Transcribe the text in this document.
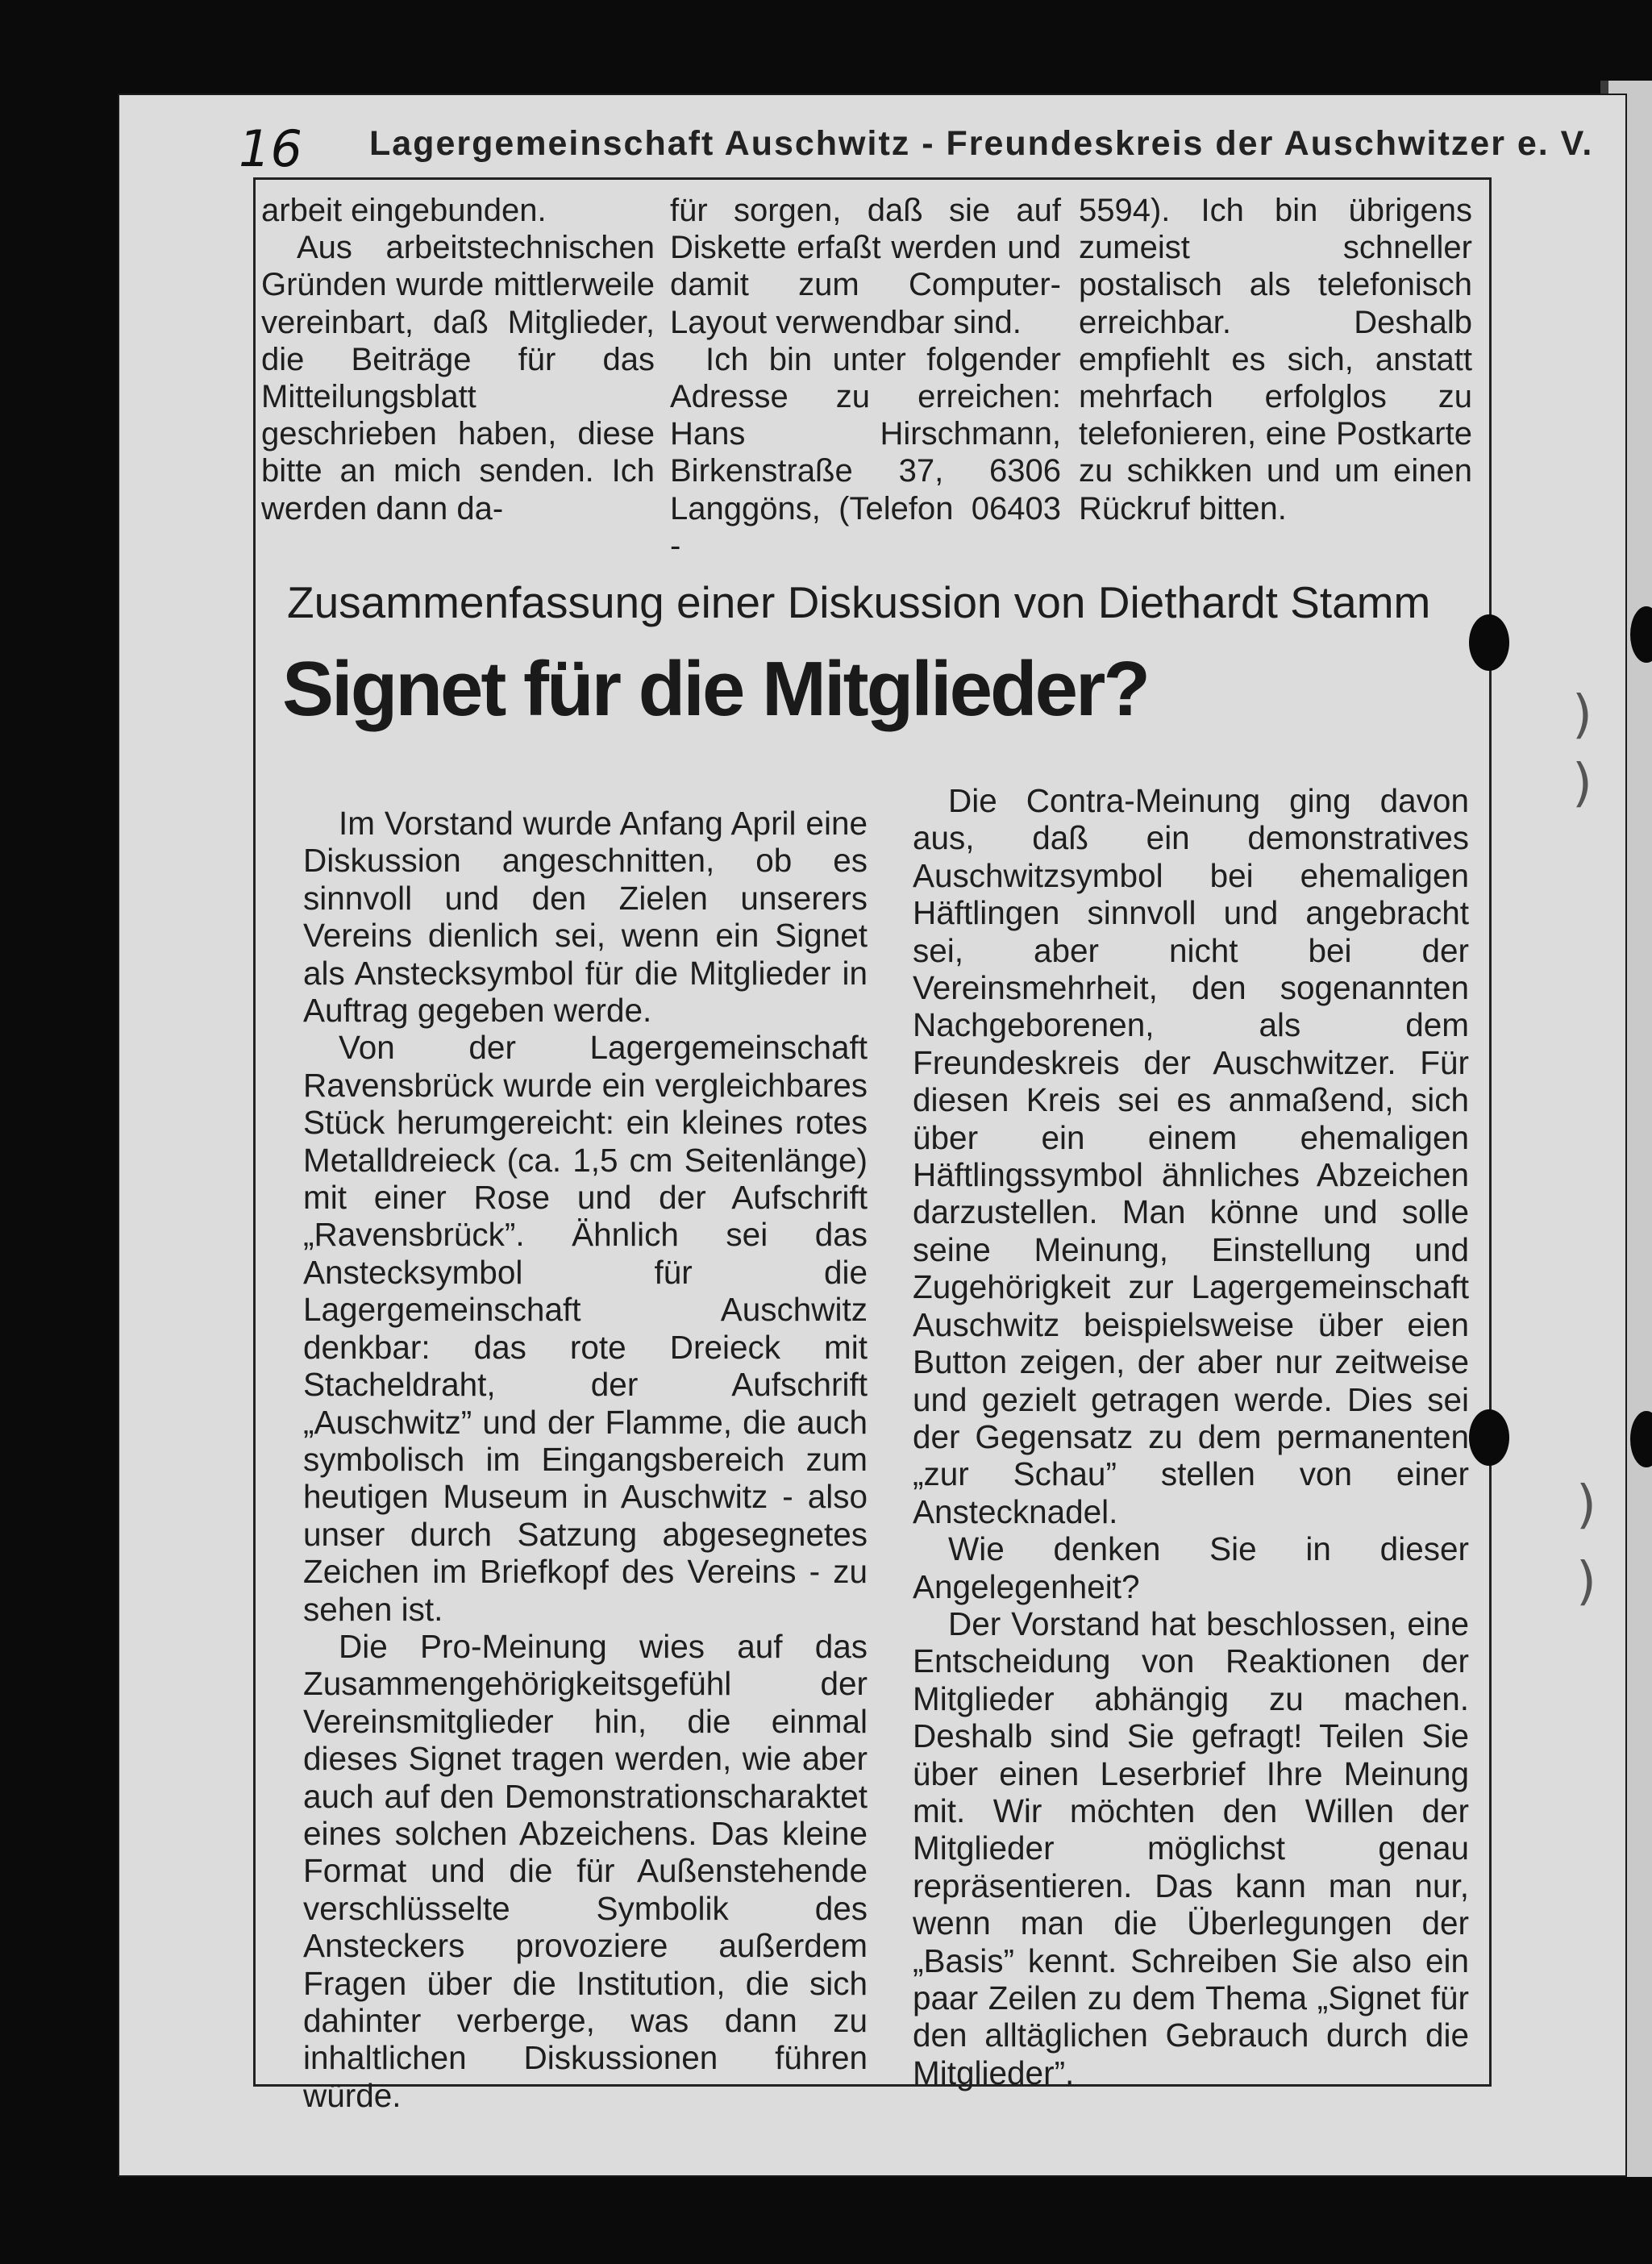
16 Lagergemeinschaft Auschwitz - Freundeskreis der Auschwitzer e. V.

arbeit eingebunden.

Aus arbeitstechnischen Gründen wurde mittlerweile vereinbart, daß Mitglieder, die Beiträge für das Mitteilungsblatt geschrieben haben, diese bitte an mich senden. Ich werden dann da-

für sorgen, daß sie auf Diskette erfaßt werden und damit zum Computer-Layout verwendbar sind.

Ich bin unter folgender Adresse zu erreichen: Hans Hirschmann, Birkenstraße 37, 6306 Langgöns, (Telefon 06403 -

5594). Ich bin übrigens zumeist schneller postalisch als telefonisch erreichbar. Deshalb empfiehlt es sich, anstatt mehrfach erfolglos zu telefonieren, eine Postkarte zu schikken und um einen Rückruf bitten.

Zusammenfassung einer Diskussion von Diethardt Stamm
Signet für die Mitglieder?

Im Vorstand wurde Anfang April eine Diskussion angeschnitten, ob es sinnvoll und den Zielen unserers Vereins dienlich sei, wenn ein Signet als Anstecksymbol für die Mitglieder in Auftrag gegeben werde.

Von der Lagergemeinschaft Ravensbrück wurde ein vergleichbares Stück herumgereicht: ein kleines rotes Metalldreieck (ca. 1,5 cm Seitenlänge) mit einer Rose und der Aufschrift „Ravensbrück”. Ähnlich sei das Anstecksymbol für die Lagergemeinschaft Auschwitz denkbar: das rote Dreieck mit Stacheldraht, der Aufschrift „Auschwitz” und der Flamme, die auch symbolisch im Eingangsbereich zum heutigen Museum in Auschwitz - also unser durch Satzung abgesegnetes Zeichen im Briefkopf des Vereins - zu sehen ist.

Die Pro-Meinung wies auf das Zusammengehörigkeitsgefühl der Vereinsmitglieder hin, die einmal dieses Signet tragen werden, wie aber auch auf den Demonstrationscharaktet eines solchen Abzeichens. Das kleine Format und die für Außenstehende verschlüsselte Symbolik des Ansteckers provoziere außerdem Fragen über die Institution, die sich dahinter verberge, was dann zu inhaltlichen Diskussionen führen würde.

Die Contra-Meinung ging davon aus, daß ein demonstratives Auschwitzsymbol bei ehemaligen Häftlingen sinnvoll und angebracht sei, aber nicht bei der Vereinsmehrheit, den sogenannten Nachgeborenen, als dem Freundeskreis der Auschwitzer. Für diesen Kreis sei es anmaßend, sich über ein einem ehemaligen Häftlingssymbol ähnliches Abzeichen darzustellen. Man könne und solle seine Meinung, Einstellung und Zugehörigkeit zur Lagergemeinschaft Auschwitz beispielsweise über eien Button zeigen, der aber nur zeitweise und gezielt getragen werde. Dies sei der Gegensatz zu dem permanenten „zur Schau” stellen von einer Anstecknadel.

Wie denken Sie in dieser Angelegenheit?

Der Vorstand hat beschlossen, eine Entscheidung von Reaktionen der Mitglieder abhängig zu machen. Deshalb sind Sie gefragt! Teilen Sie über einen Leserbrief Ihre Meinung mit. Wir möchten den Willen der Mitglieder möglichst genau repräsentieren. Das kann man nur, wenn man die Überlegungen der „Basis” kennt. Schreiben Sie also ein paar Zeilen zu dem Thema „Signet für den alltäglichen Gebrauch durch die Mitglieder”.

)
)
)
)
